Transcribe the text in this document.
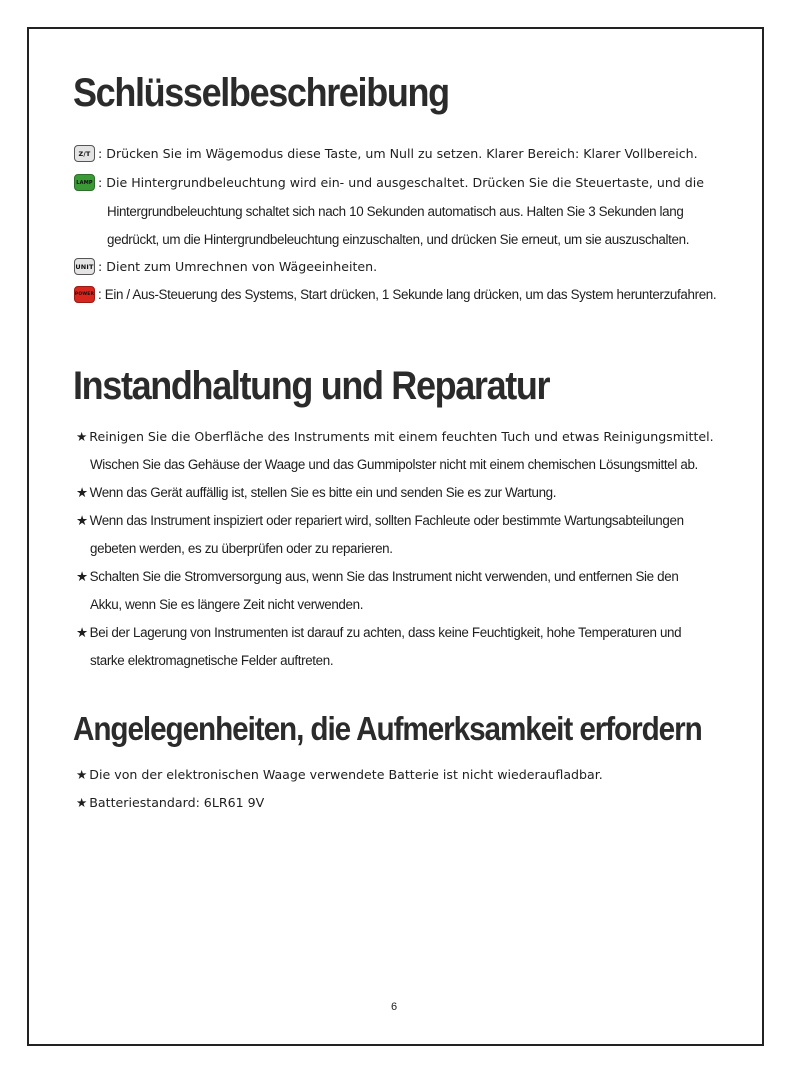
Schlüsselbeschreibung
Z/T : Drücken Sie im Wägemodus diese Taste, um Null zu setzen. Klarer Bereich: Klarer Vollbereich.
LAMP : Die Hintergrundbeleuchtung wird ein- und ausgeschaltet. Drücken Sie die Steuertaste, und die
Hintergrundbeleuchtung schaltet sich nach 10 Sekunden automatisch aus. Halten Sie 3 Sekunden lang
gedrückt, um die Hintergrundbeleuchtung einzuschalten, und drücken Sie erneut, um sie auszuschalten.
UNIT : Dient zum Umrechnen von Wägeeinheiten.
POWER : Ein / Aus-Steuerung des Systems, Start drücken, 1 Sekunde lang drücken, um das System herunterzufahren.
Instandhaltung und Reparatur
★ Reinigen Sie die Oberfläche des Instruments mit einem feuchten Tuch und etwas Reinigungsmittel.
Wischen Sie das Gehäuse der Waage und das Gummipolster nicht mit einem chemischen Lösungsmittel ab.
★ Wenn das Gerät auffällig ist, stellen Sie es bitte ein und senden Sie es zur Wartung.
★ Wenn das Instrument inspiziert oder repariert wird, sollten Fachleute oder bestimmte Wartungsabteilungen
gebeten werden, es zu überprüfen oder zu reparieren.
★ Schalten Sie die Stromversorgung aus, wenn Sie das Instrument nicht verwenden, und entfernen Sie den
Akku, wenn Sie es längere Zeit nicht verwenden.
★ Bei der Lagerung von Instrumenten ist darauf zu achten, dass keine Feuchtigkeit, hohe Temperaturen und
starke elektromagnetische Felder auftreten.
Angelegenheiten, die Aufmerksamkeit erfordern
★ Die von der elektronischen Waage verwendete Batterie ist nicht wiederaufladbar.
★ Batteriestandard: 6LR61 9V
6
